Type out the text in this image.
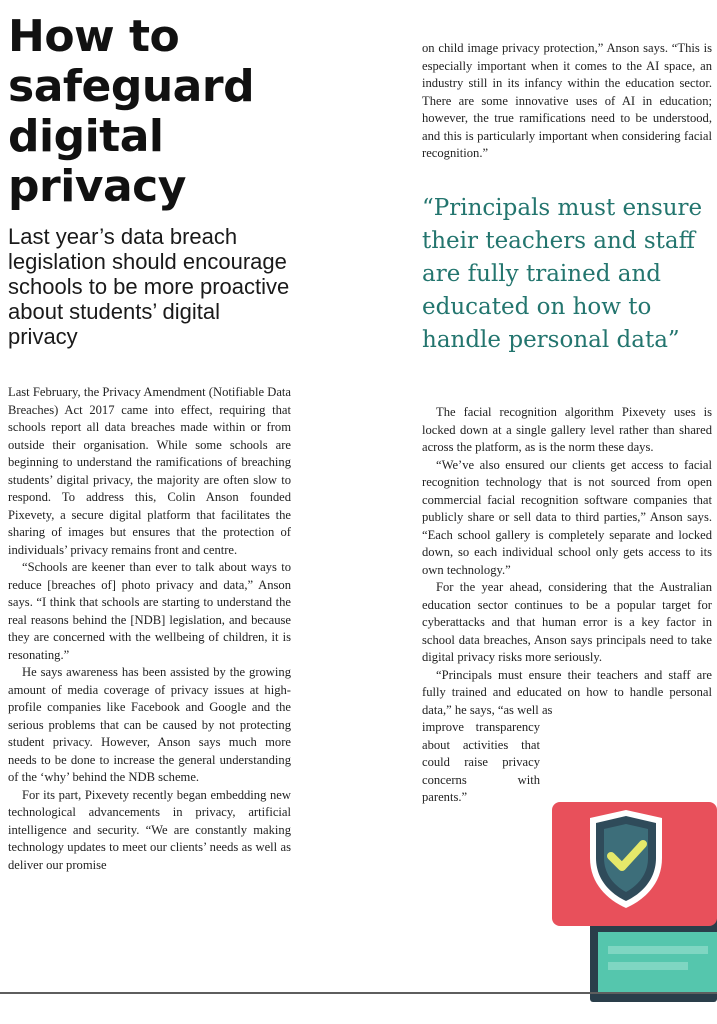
How to
safeguard
digital
privacy

Last year’s data breach legislation should encourage schools to be more proactive about students’ digital privacy

Last February, the Privacy Amendment (Notifiable Data Breaches) Act 2017 came into effect, requiring that schools report all data breaches made within or from outside their organisation. While some schools are beginning to understand the ramifications of breaching students’ digital privacy, the majority are often slow to respond. To address this, Colin Anson founded Pixevety, a secure digital platform that facilitates the sharing of images but ensures that the protection of individuals’ privacy remains front and centre.

“Schools are keener than ever to talk about ways to reduce [breaches of] photo privacy and data,” Anson says. “I think that schools are starting to understand the real reasons behind the [NDB] legislation, and because they are concerned with the wellbeing of children, it is resonating.”

He says awareness has been assisted by the growing amount of media coverage of privacy issues at high-profile companies like Facebook and Google and the serious problems that can be caused by not protecting student privacy. However, Anson says much more needs to be done to increase the general understanding of the ‘why’ behind the NDB scheme.

For its part, Pixevety recently began embedding new technological advancements in privacy, artificial intelligence and security. “We are constantly making technology updates to meet our clients’ needs as well as deliver our promise

on child image privacy protection,” Anson says. “This is especially important when it comes to the AI space, an industry still in its infancy within the education sector. There are some innovative uses of AI in education; however, the true ramifications need to be understood, and this is particularly important when considering facial recognition.”

“Principals must ensure their teachers and staff are fully trained and educated on how to handle personal data”

The facial recognition algorithm Pixevety uses is locked down at a single gallery level rather than shared across the platform, as is the norm these days.

“We’ve also ensured our clients get access to facial recognition technology that is not sourced from open commercial facial recognition software companies that publicly share or sell data to third parties,” Anson says. “Each school gallery is completely separate and locked down, so each individual school only gets access to its own technology.”

For the year ahead, considering that the Australian education sector continues to be a popular target for cyberattacks and that human error is a key factor in school data breaches, Anson says principals need to take digital privacy risks more seriously.

“Principals must ensure their teachers and staff are fully trained and educated on how to handle personal data,” he says, “as well as

improve transparency about activities that could raise privacy concerns with parents.”
